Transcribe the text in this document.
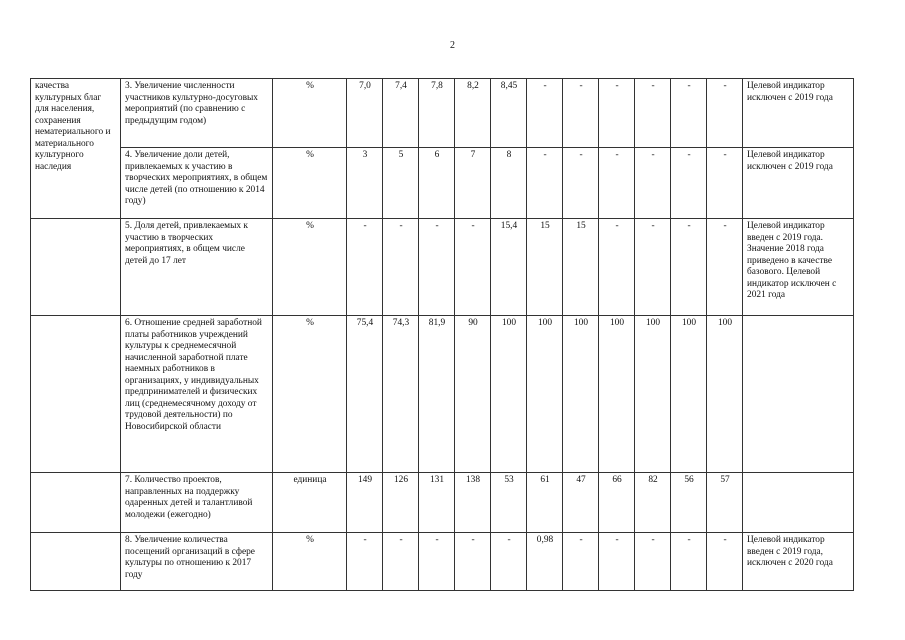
2
качества культурных благ для населения, сохранения нематериального и материального культурного наследия	3. Увеличение численности участников культурно-досуговых мероприятий (по сравнению с предыдущим годом)	%	7,0	7,4	7,8	8,2	8,45	-	-	-	-	-	-	Целевой индикатор исключен с 2019 года
	4. Увеличение доли детей, привлекаемых к участию в творческих мероприятиях, в общем числе детей (по отношению к 2014 году)	%	3	5	6	7	8	-	-	-	-	-	-	Целевой индикатор исключен с 2019 года
	5. Доля детей, привлекаемых к участию в творческих мероприятиях, в общем числе детей до 17 лет	%	-	-	-	-	15,4	15	15	-	-	-	-	Целевой индикатор введен с 2019 года. Значение 2018 года приведено в качестве базового. Целевой индикатор исключен с 2021 года
	6. Отношение средней заработной платы работников учреждений культуры к среднемесячной начисленной заработной плате наемных работников в организациях, у индивидуальных предпринимателей и физических лиц (среднемесячному доходу от трудовой деятельности) по Новосибирской области	%	75,4	74,3	81,9	90	100	100	100	100	100	100	100	
	7. Количество проектов, направленных на поддержку одаренных детей и талантливой молодежи (ежегодно)	единица	149	126	131	138	53	61	47	66	82	56	57	
	8. Увеличение количества посещений организаций в сфере культуры по отношению к 2017 году	%	-	-	-	-	-	0,98	-	-	-	-	-	Целевой индикатор введен с 2019 года, исключен с 2020 года
